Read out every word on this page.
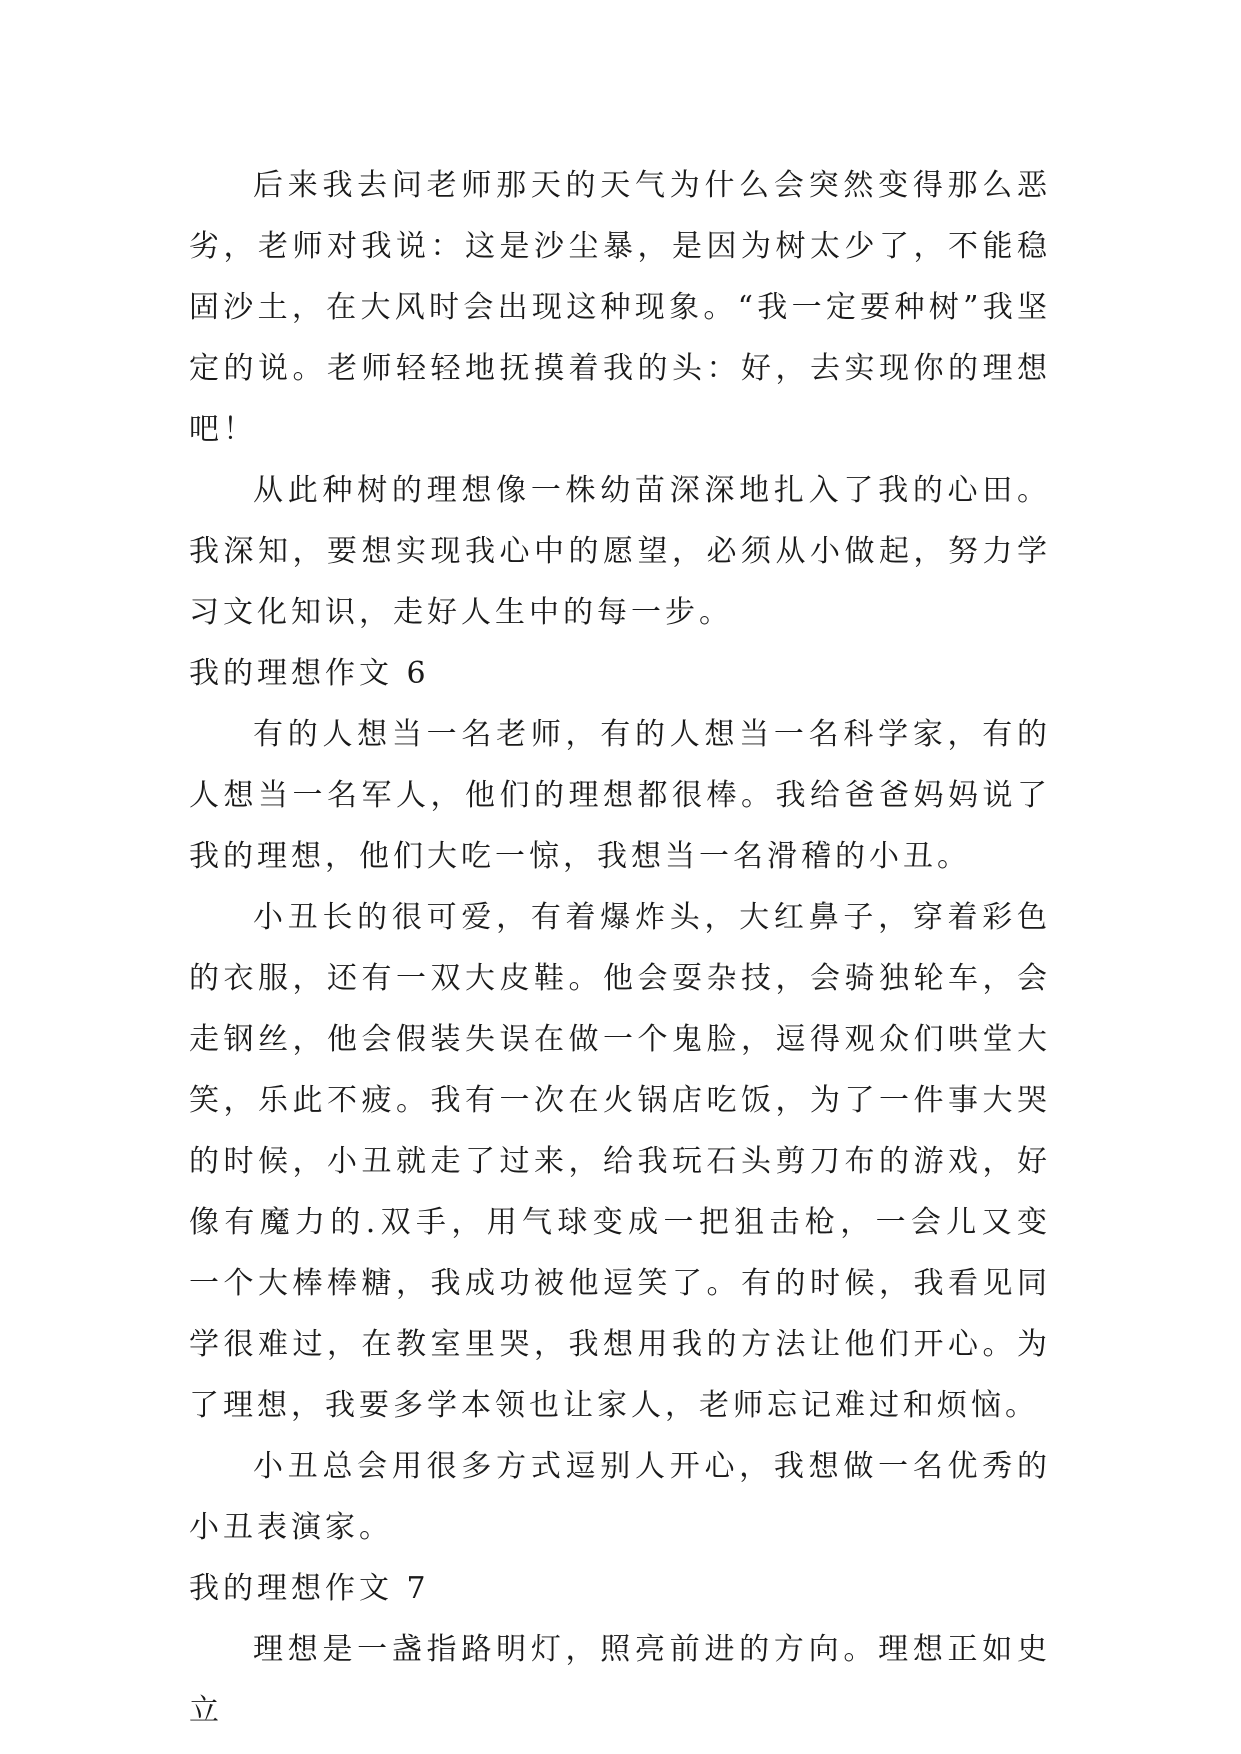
后来我去问老师那天的天气为什么会突然变得那么恶劣，老师对我说：这是沙尘暴，是因为树太少了，不能稳固沙土，在大风时会出现这种现象。“我一定要种树”我坚定的说。老师轻轻地抚摸着我的头：好，去实现你的理想吧！

从此种树的理想像一株幼苗深深地扎入了我的心田。我深知，要想实现我心中的愿望，必须从小做起，努力学习文化知识，走好人生中的每一步。

我的理想作文 6

有的人想当一名老师，有的人想当一名科学家，有的人想当一名军人，他们的理想都很棒。我给爸爸妈妈说了我的理想，他们大吃一惊，我想当一名滑稽的小丑。

小丑长的很可爱，有着爆炸头，大红鼻子，穿着彩色的衣服，还有一双大皮鞋。他会耍杂技，会骑独轮车，会走钢丝，他会假装失误在做一个鬼脸，逗得观众们哄堂大笑，乐此不疲。我有一次在火锅店吃饭，为了一件事大哭的时候，小丑就走了过来，给我玩石头剪刀布的游戏，好像有魔力的.双手，用气球变成一把狙击枪，一会儿又变一个大棒棒糖，我成功被他逗笑了。有的时候，我看见同学很难过，在教室里哭，我想用我的方法让他们开心。为了理想，我要多学本领也让家人，老师忘记难过和烦恼。

小丑总会用很多方式逗别人开心，我想做一名优秀的小丑表演家。

我的理想作文 7

理想是一盏指路明灯，照亮前进的方向。理想正如史立
